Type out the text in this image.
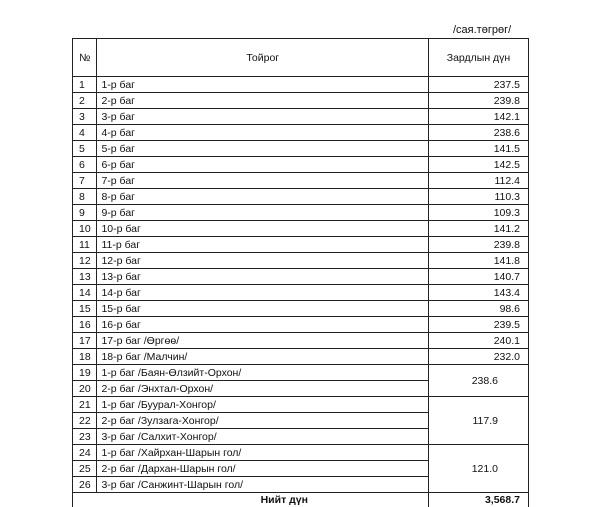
/сая.төгрөг/
№	Тойрог	Зардлын дүн
1	1-р баг	237.5
2	2-р баг	239.8
3	3-р баг	142.1
4	4-р баг	238.6
5	5-р баг	141.5
6	6-р баг	142.5
7	7-р баг	112.4
8	8-р баг	110.3
9	9-р баг	109.3
10	10-р баг	141.2
11	11-р баг	239.8
12	12-р баг	141.8
13	13-р баг	140.7
14	14-р баг	143.4
15	15-р баг	98.6
16	16-р баг	239.5
17	17-р баг /Өргөө/	240.1
18	18-р баг /Малчин/	232.0
19	1-р баг /Баян-Өлзийт-Орхон/	238.6
20	2-р баг /Энхтал-Орхон/	
21	1-р баг /Буурал-Хонгор/	117.9
22	2-р баг /Зулзага-Хонгор/	
23	3-р баг /Салхит-Хонгор/	
24	1-р баг /Хайрхан-Шарын гол/	121.0
25	2-р баг /Дархан-Шарын гол/	
26	3-р баг /Санжинт-Шарын гол/	
Нийт дүн		3,568.7
